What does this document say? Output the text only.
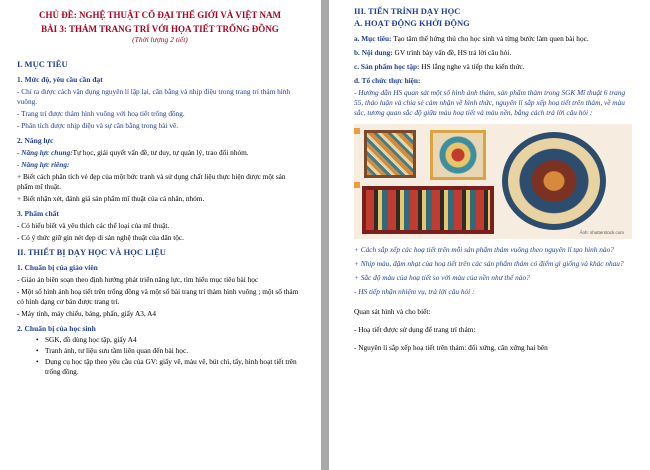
CHỦ ĐỀ: NGHỆ THUẬT CỔ ĐẠI THẾ GIỚI VÀ VIỆT NAM
BÀI 3: THẢM TRANG TRÍ VỚI HỌA TIẾT TRỐNG ĐỒNG
(Thời lượng 2 tiết)
I. MỤC TIÊU
1. Mức độ, yêu cầu cần đạt
- Chỉ ra được cách vận dụng nguyên lí lặp lại, cân bằng và nhịp điệu trong trang trí thảm hình vuông.
- Trang trí được thảm hình vuông với hoạ tiết trống đồng.
- Phân tích được nhịp điệu và sự cân bằng trong bài vẽ.
2. Năng lực
- Năng lực chung:Tự học, giải quyết vấn đề, tư duy, tự quản lý, trao đổi nhóm.
- Năng lực riêng:
+ Biết cách phân tích vẻ đẹp của một bức tranh và sử dụng chất liệu thực hiện được một sản phẩm mĩ thuật.
+ Biết nhận xét, đánh giá sản phẩm mĩ thuật của cá nhân, nhóm.
3. Phẩm chất
- Có hiểu biết và yêu thích các thể loại của mĩ thuật.
- Có ý thức giữ gìn nét đẹp di sản nghệ thuật của dân tộc.
II. THIẾT BỊ DẠY HỌC VÀ HỌC LIỆU
1. Chuẩn bị của giáo viên
- Giáo án biên soạn theo định hướng phát triển năng lực, tìm hiểu mục tiêu bài học
- Một số hình ảnh hoạ tiết trên trống đồng và một số bài trang trí thảm hình vuông ; một số thảm có hình dạng cơ bản được trang trí.
- Máy tính, máy chiếu, bảng, phấn, giấy A3, A4
2. Chuẩn bị của học sinh
• SGK, đồ dùng học tập, giấy A4
• Tranh ảnh, tư liệu sưu tầm liên quan đến bài học.
• Dụng cụ học tập theo yêu cầu của GV: giấy vẽ, màu vẽ, bút chì, tẩy, hình hoạt tiết trên trống đồng.
III. TIẾN TRÌNH DẠY HỌC
A. HOẠT ĐỘNG KHỞI ĐỘNG
a. Mục tiêu: Tạo tâm thế hứng thú cho học sinh và từng bước làm quen bài học.
b. Nội dung: GV trình bày vấn đề, HS trả lời câu hỏi.
c. Sản phẩm học tập: HS lắng nghe và tiếp thu kiến thức.
d. Tổ chức thực hiện:
- Hướng dẫn HS quan sát một số hình ảnh thảm, sản phẩm thảm trong SGK Mĩ thuật 6 trang 55, thảo luận và chia sẻ cảm nhận về hình thức, nguyên lí sắp xếp hoạ tiết trên thảm, về màu sắc, tương quan sắc độ giữa màu hoạ tiết và màu nền, bằng cách trả lời câu hỏi :
Ảnh: shutterstock.com
+ Cách sắp xếp các hoạ tiết trên mỗi sản phẩm thảm vuông theo nguyên lí tạo hình nào?
+ Nhịp màu, đậm nhạt của hoạ tiết trên các sản phẩm thảm có điểm gì giống và khác nhau?
+ Sắc độ màu của hoạ tiết so với màu của nền như thế nào?
- HS tiếp nhận nhiệm vụ, trả lời câu hỏi :
Quan sát hình và cho biết:
- Hoạ tiết được sử dụng để trang trí thảm:
- Nguyên lí sắp xếp hoạ tiết trên thảm: đối xứng, cân xứng hai bên
